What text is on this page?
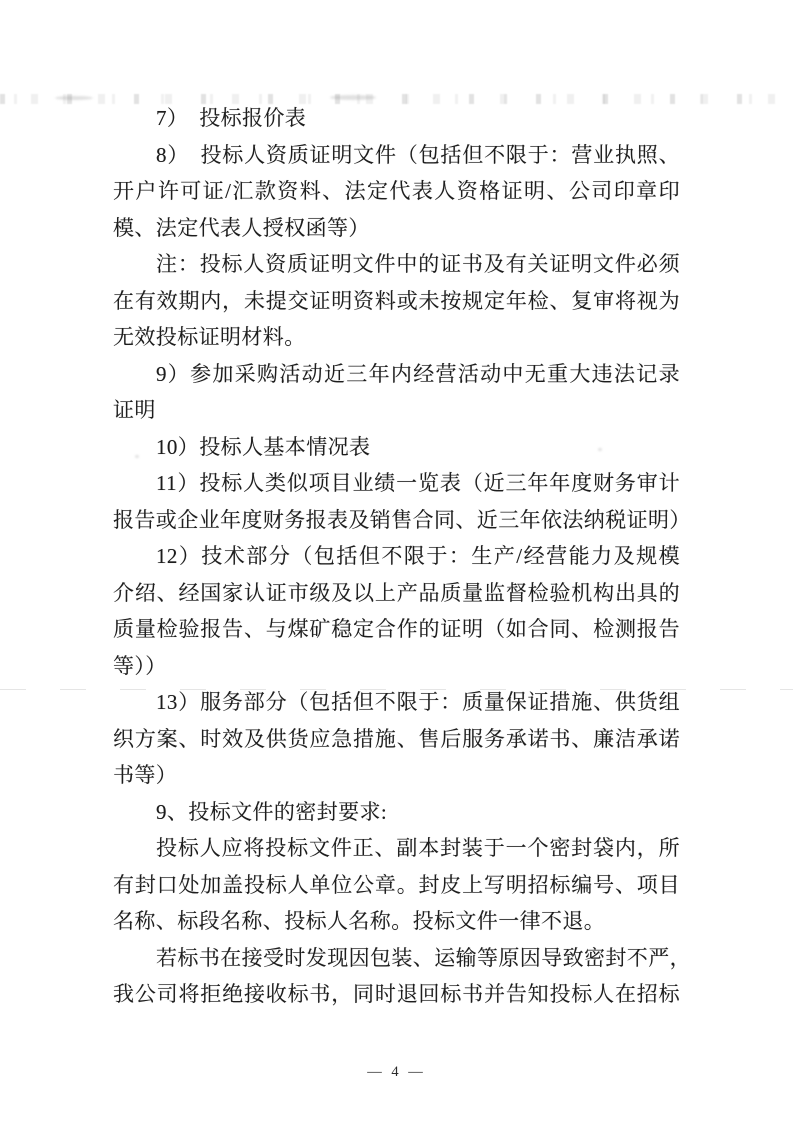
7）　投标报价表
8）　投标人资质证明文件（包括但不限于：营业执照、
开户许可证/汇款资料、法定代表人资格证明、公司印章印
模、法定代表人授权函等）
注：投标人资质证明文件中的证书及有关证明文件必须
在有效期内，未提交证明资料或未按规定年检、复审将视为
无效投标证明材料。
9）参加采购活动近三年内经营活动中无重大违法记录
证明
10）投标人基本情况表
11）投标人类似项目业绩一览表（近三年年度财务审计
报告或企业年度财务报表及销售合同、近三年依法纳税证明）
12）技术部分（包括但不限于：生产/经营能力及规模
介绍、经国家认证市级及以上产品质量监督检验机构出具的
质量检验报告、与煤矿稳定合作的证明（如合同、检测报告
等））
13）服务部分（包括但不限于：质量保证措施、供货组
织方案、时效及供货应急措施、售后服务承诺书、廉洁承诺
书等）
9、投标文件的密封要求:
投标人应将投标文件正、副本封装于一个密封袋内，所
有封口处加盖投标人单位公章。封皮上写明招标编号、项目
名称、标段名称、投标人名称。投标文件一律不退。
若标书在接受时发现因包装、运输等原因导致密封不严，
我公司将拒绝接收标书，同时退回标书并告知投标人在招标
— 4 —
